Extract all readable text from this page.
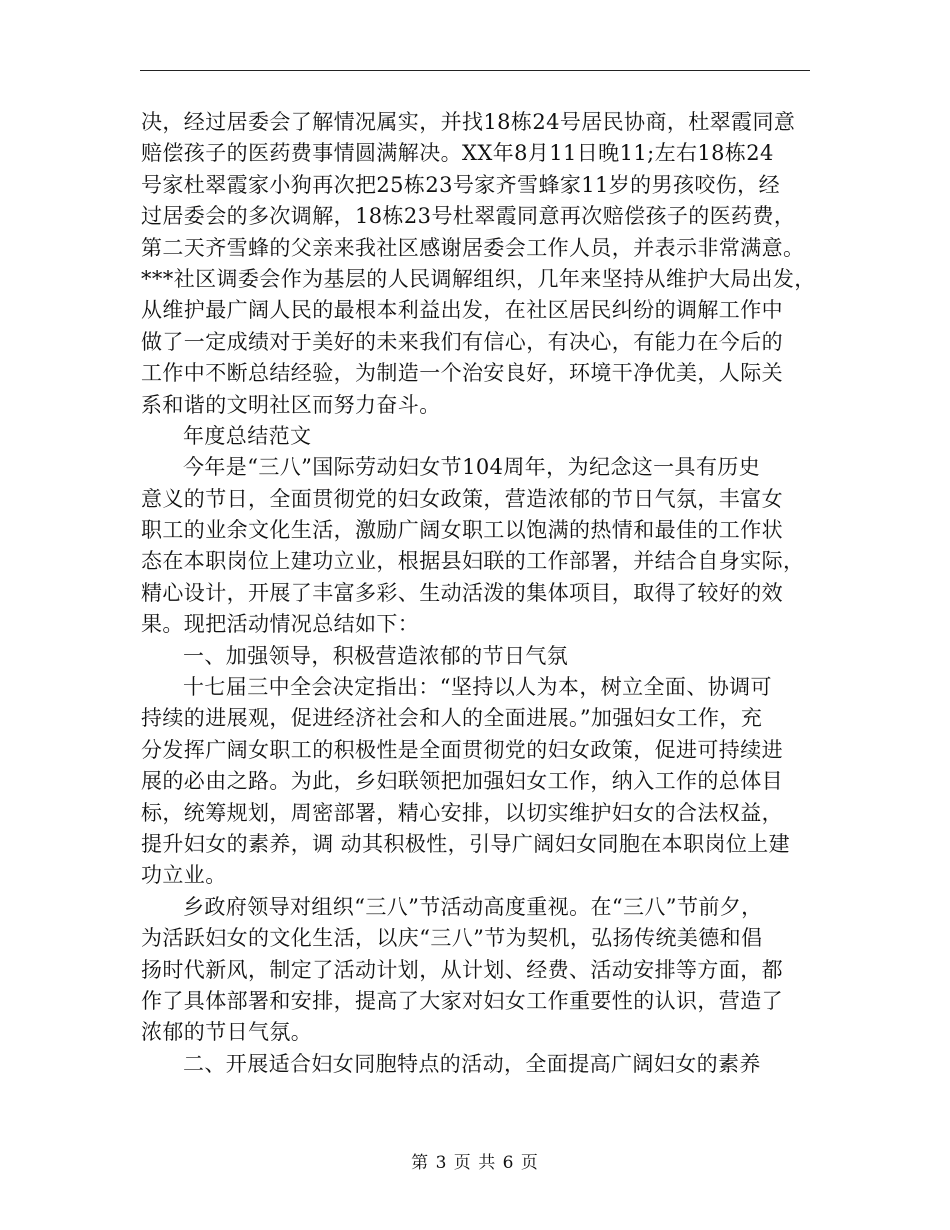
决，经过居委会了解情况属实，并找18栋24号居民协商，杜翠霞同意
赔偿孩子的医药费事情圆满解决。XX年8月11日晚11;左右18栋24
号家杜翠霞家小狗再次把25栋23号家齐雪蜂家11岁的男孩咬伤，经
过居委会的多次调解，18栋23号杜翠霞同意再次赔偿孩子的医药费，
第二天齐雪蜂的父亲来我社区感谢居委会工作人员，并表示非常满意。
***社区调委会作为基层的人民调解组织，几年来坚持从维护大局出发，
从维护最广阔人民的最根本利益出发，在社区居民纠纷的调解工作中
做了一定成绩对于美好的未来我们有信心，有决心，有能力在今后的
工作中不断总结经验，为制造一个治安良好，环境干净优美，人际关
系和谐的文明社区而努力奋斗。
年度总结范文
今年是“三八”国际劳动妇女节104周年，为纪念这一具有历史
意义的节日，全面贯彻党的妇女政策，营造浓郁的节日气氛，丰富女
职工的业余文化生活，激励广阔女职工以饱满的热情和最佳的工作状
态在本职岗位上建功立业，根据县妇联的工作部署，并结合自身实际，
精心设计，开展了丰富多彩、生动活泼的集体项目，取得了较好的效
果。现把活动情况总结如下：
一、加强领导，积极营造浓郁的节日气氛
十七届三中全会决定指出：“坚持以人为本，树立全面、协调可
持续的进展观，促进经济社会和人的全面进展。”加强妇女工作，充
分发挥广阔女职工的积极性是全面贯彻党的妇女政策，促进可持续进
展的必由之路。为此，乡妇联领把加强妇女工作，纳入工作的总体目
标，统筹规划，周密部署，精心安排，以切实维护妇女的合法权益，
提升妇女的素养，调 动其积极性，引导广阔妇女同胞在本职岗位上建
功立业。
乡政府领导对组织“三八”节活动高度重视。在“三八”节前夕，
为活跃妇女的文化生活，以庆“三八”节为契机，弘扬传统美德和倡
扬时代新风，制定了活动计划，从计划、经费、活动安排等方面，都
作了具体部署和安排，提高了大家对妇女工作重要性的认识，营造了
浓郁的节日气氛。
二、开展适合妇女同胞特点的活动，全面提高广阔妇女的素养
第 3 页 共 6 页
